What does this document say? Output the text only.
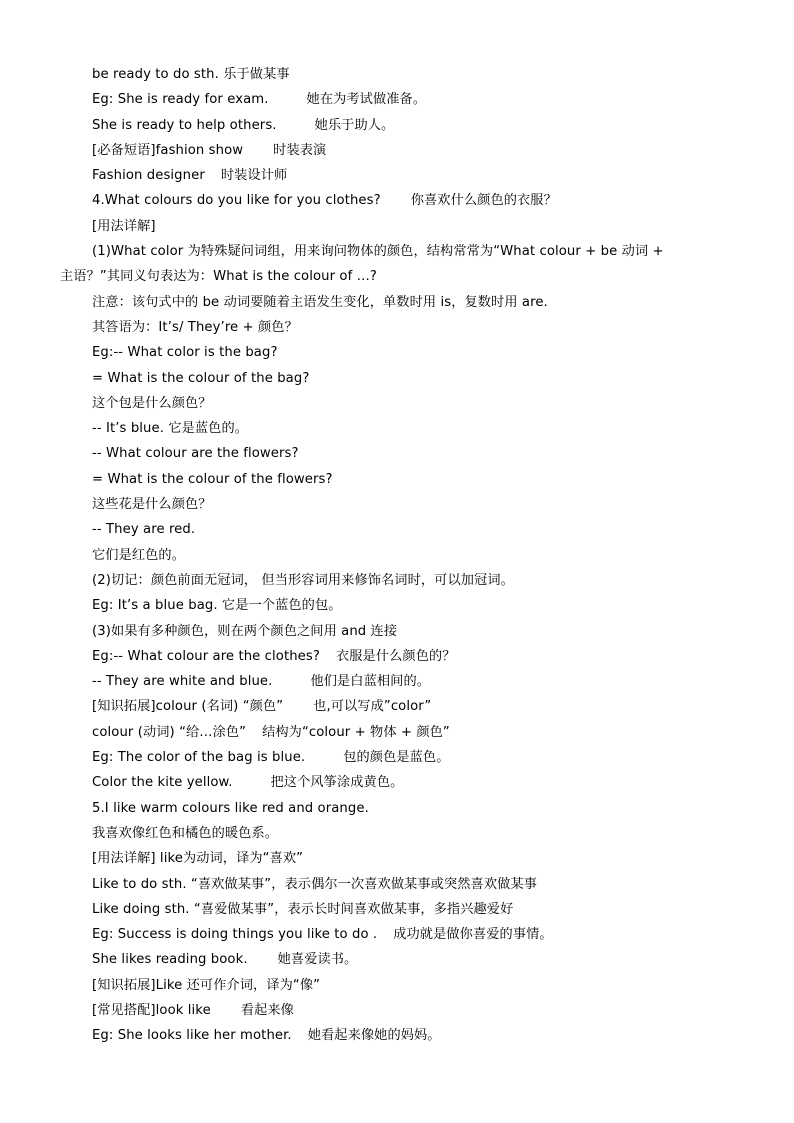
be ready to do sth. 乐于做某事
Eg: She is ready for exam.	她在为考试做准备。
She is ready to help others.	她乐于助人。
[必备短语]fashion show 时装表演
Fashion designer 时装设计师
4.What colours do you like for you clothes? 你喜欢什么颜色的衣服？
[用法详解]
(1)What color 为特殊疑问词组，用来询问物体的颜色，结构常常为“What colour + be 动词 +
主语？”其同义句表达为：What is the colour of …?
注意：该句式中的 be 动词要随着主语发生变化，单数时用 is，复数时用 are.
其答语为：It’s/ They’re + 颜色？
Eg:-- What color is the bag?
= What is the colour of the bag?
这个包是什么颜色？
-- It’s blue. 它是蓝色的。
-- What colour are the flowers?
= What is the colour of the flowers?
这些花是什么颜色？
-- They are red.
它们是红色的。
(2)切记：颜色前面无冠词， 但当形容词用来修饰名词时，可以加冠词。
Eg: It’s a blue bag. 它是一个蓝色的包。
(3)如果有多种颜色，则在两个颜色之间用 and 连接
Eg:-- What colour are the clothes? 衣服是什么颜色的？
-- They are white and blue.	他们是白蓝相间的。
[知识拓展]colour (名词) “颜色” 也,可以写成”color”
colour (动词) “给…涂色” 结构为“colour + 物体 + 颜色”
Eg: The color of the bag is blue.	包的颜色是蓝色。
Color the kite yellow.	把这个风筝涂成黄色。
5.I like warm colours like red and orange.
我喜欢像红色和橘色的暖色系。
[用法详解] like为动词，译为“喜欢”
Like to do sth. “喜欢做某事”，表示偶尔一次喜欢做某事或突然喜欢做某事
Like doing sth. “喜爱做某事”，表示长时间喜欢做某事，多指兴趣爱好
Eg: Success is doing things you like to do . 成功就是做你喜爱的事情。
She likes reading book. 她喜爱读书。
[知识拓展]Like 还可作介词，译为“像”
[常见搭配]look like 看起来像
Eg: She looks like her mother. 她看起来像她的妈妈。
